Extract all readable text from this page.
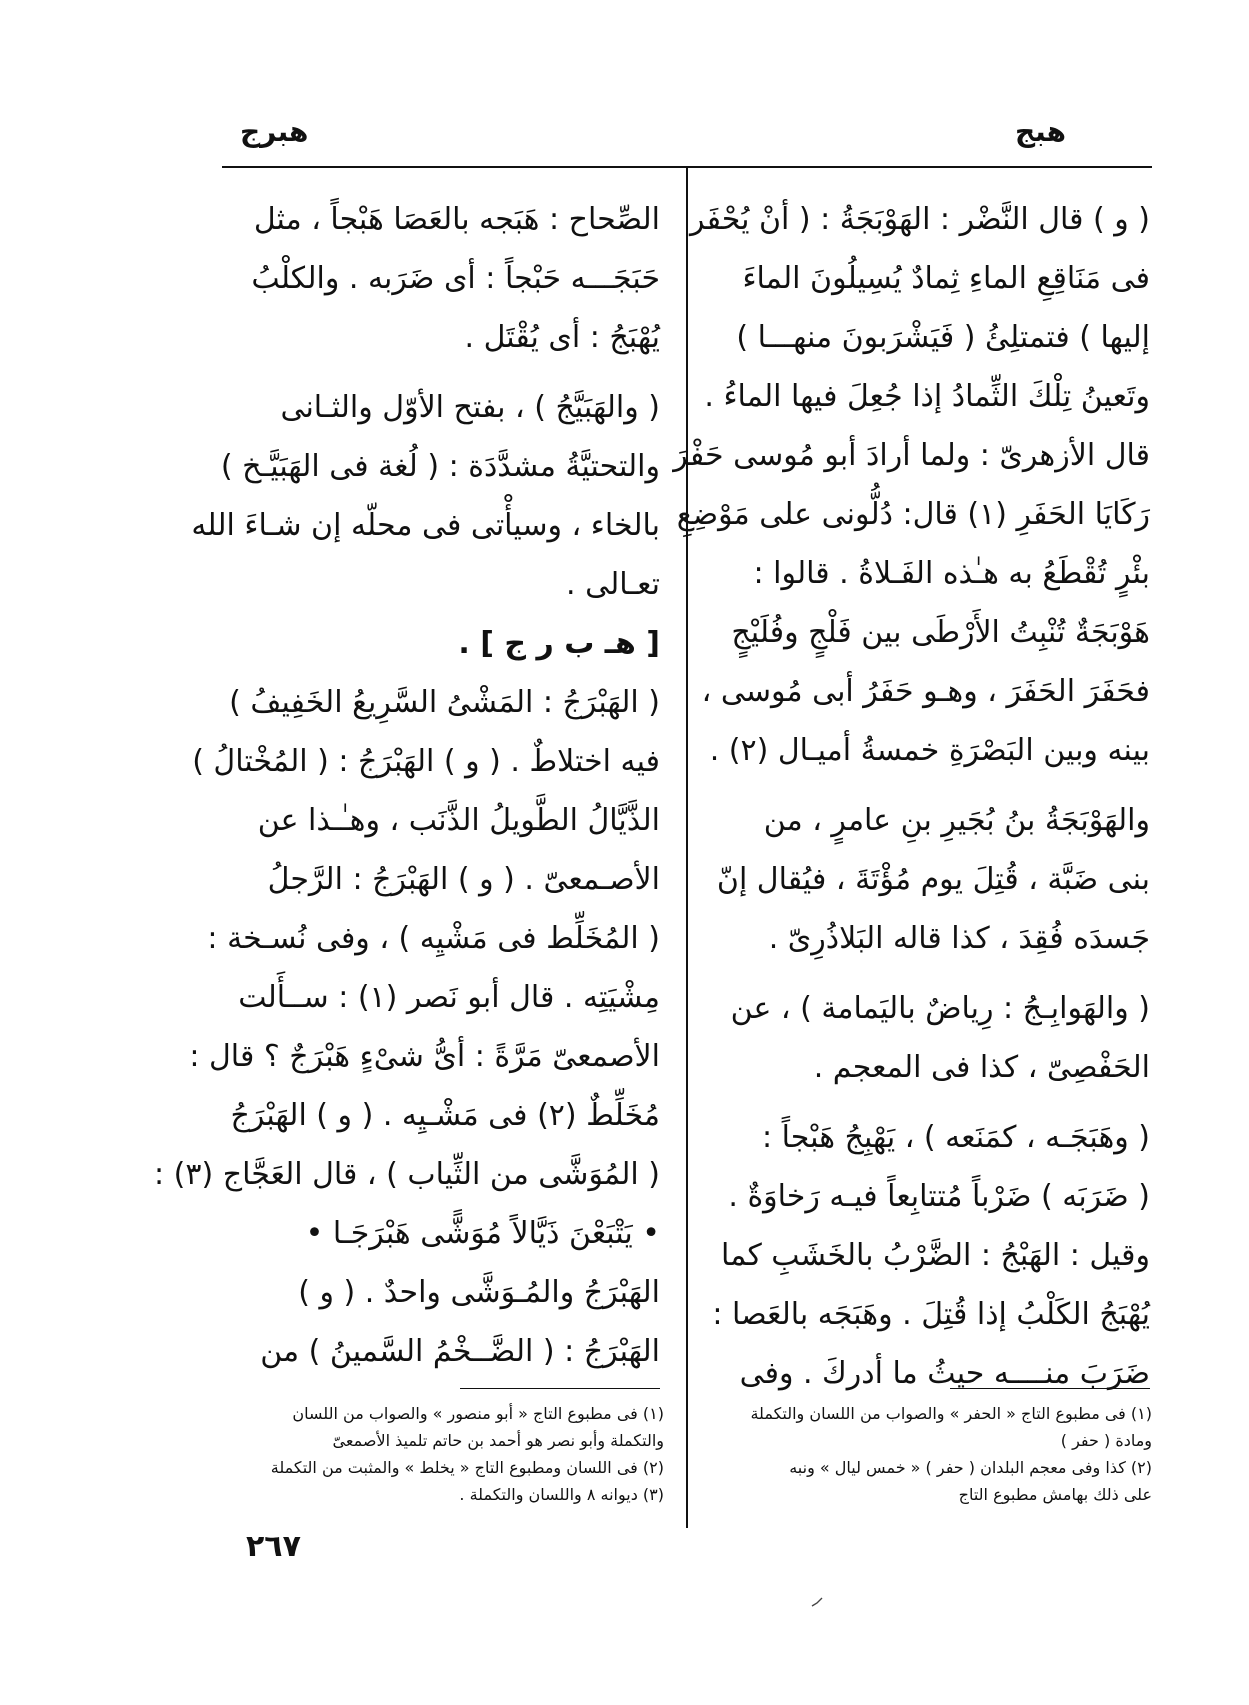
هبج
هبرج
( و ) قال النَّضْر : الهَوْبَجَةُ : ( أنْ يُحْفَر
فى مَنَاقِعِ الماءِ ثِمادٌ يُسِيلُونَ الماءَ
إليها ) فتمتلِئُ ( فَيَشْرَبونَ منهـــا )
وتَعينُ تِلْكَ الثِّمادُ إذا جُعِلَ فيها الماءُ .
قال الأزهرىّ : ولما أرادَ أبو مُوسى حَفْرَ
رَكَايَا الحَفَرِ (١) قال: دُلُّونى على مَوْضِعِ
بئْرٍ تُقْطَعُ به هـٰذه الفَـلاةُ . قالوا :
هَوْبَجَةٌ تُنْبِتُ الأَرْطَى بين فَلْجٍ وفُلَيْجٍ
فحَفَرَ الحَفَرَ ، وهـو حَفَرُ أبى مُوسى ،
بينه وبين البَصْرَةِ خمسةُ أميـال (٢) .
والهَوْبَجَةُ بنُ بُجَيرِ بنِ عامرٍ ، من
بنى ضَبَّة ، قُتِلَ يوم مُؤْتَةَ ، فيُقال إنّ
جَسدَه فُقِدَ ، كذا قاله البَلاذُرِىّ .
( والهَوابِـجُ : رِياضٌ باليَمامة ) ، عن
الحَفْصِىّ ، كذا فى المعجم .
( وهَبَجَـه ، كمَنَعه ) ، يَهْبِجُ هَبْجاً :
( ضَرَبَه ) ضَرْباً مُتتابِعاً فيـه رَخاوَةٌ .
وقيل : الهَبْجُ : الضَّرْبُ بالخَشَبِ كما
يُهْبَجُ الكَلْبُ إذا قُتِلَ . وهَبَجَه بالعَصا :
ضَرَبَ منــــه حيثُ ما أدركَ . وفى
الصِّحاح : هَبَجه بالعَصَا هَبْجاً ، مثل
حَبَجَـــه حَبْجاً : أى ضَرَبه . والكلْبُ
يُهْبَجُ : أى يُقْتَل .
( والهَبَيَّجُ ) ، بفتح الأوّل والثـانى
والتحتيَّةُ مشدَّدَة : ( لُغة فى الهَبَيَّـخ )
بالخاء ، وسيأْتى فى محلّه إن شـاءَ الله
تعـالى .
[ هـ ب ر ج ] .
( الهَبْرَجُ : المَشْىُ السَّرِيعُ الخَفِيفُ )
فيه اختلاطٌ . ( و ) الهَبْرَجُ : ( المُخْتالُ )
الذَّيَّالُ الطَّويلُ الذَّنَب ، وهـٰـذا عن
الأصـمعىّ . ( و ) الهَبْرَجُ : الرَّجلُ
( المُخَلِّط فى مَشْيِه ) ، وفى نُسـخة :
مِشْيَتِه . قال أبو نَصر (١) : ســأَلت
الأصمعىّ مَرَّةً : أىُّ شىْءٍ هَبْرَجٌ ؟ قال :
مُخَلِّطٌ (٢) فى مَشْـيِه . ( و ) الهَبْرَجُ
( المُوَشَّى من الثِّياب ) ، قال العَجَّاج (٣) :
• يَتْبَعْنَ ذَيَّالاً مُوَشًّى هَبْرَجَـا •
الهَبْرَجُ والمُـوَشَّى واحدٌ . ( و )
الهَبْرَجُ : ( الضَّــخْمُ السَّمينُ ) من
(١) فى مطبوع التاج « الحفر » والصواب من اللسان والتكملة
ومادة ( حفر )
(٢) كذا وفى معجم البلدان ( حفر ) « خمس ليال » ونبه
على ذلك بهامش مطبوع التاج
(١) فى مطبوع التاج « أبو منصور » والصواب من اللسان
والتكملة وأبو نصر هو أحمد بن حاتم تلميذ الأصمعىّ
(٢) فى اللسان ومطبوع التاج « يخلط » والمثبت من التكملة
(٣) ديوانه ٨ واللسان والتكملة .
٢٦٧
